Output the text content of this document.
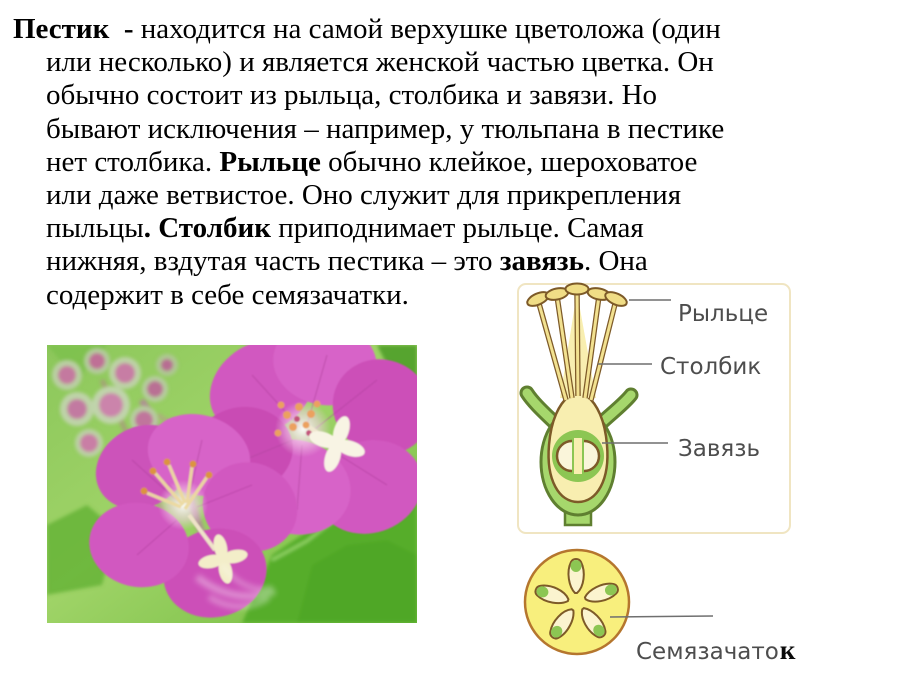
Пестик  - находится на самой верхушке цветоложа (один
или несколько) и является женской частью цветка. Он
обычно состоит из рыльца, столбика и завязи. Но
бывают исключения – например, у тюльпана в пестике
нет столбика. Рыльце обычно клейкое, шероховатое
или даже ветвистое. Оно служит для прикрепления
пыльцы. Столбик приподнимает рыльце. Самая
нижняя, вздутая часть пестика – это завязь. Она
содержит в себе семязачатки.
Рыльце
Столбик
Завязь
Семязачаток
